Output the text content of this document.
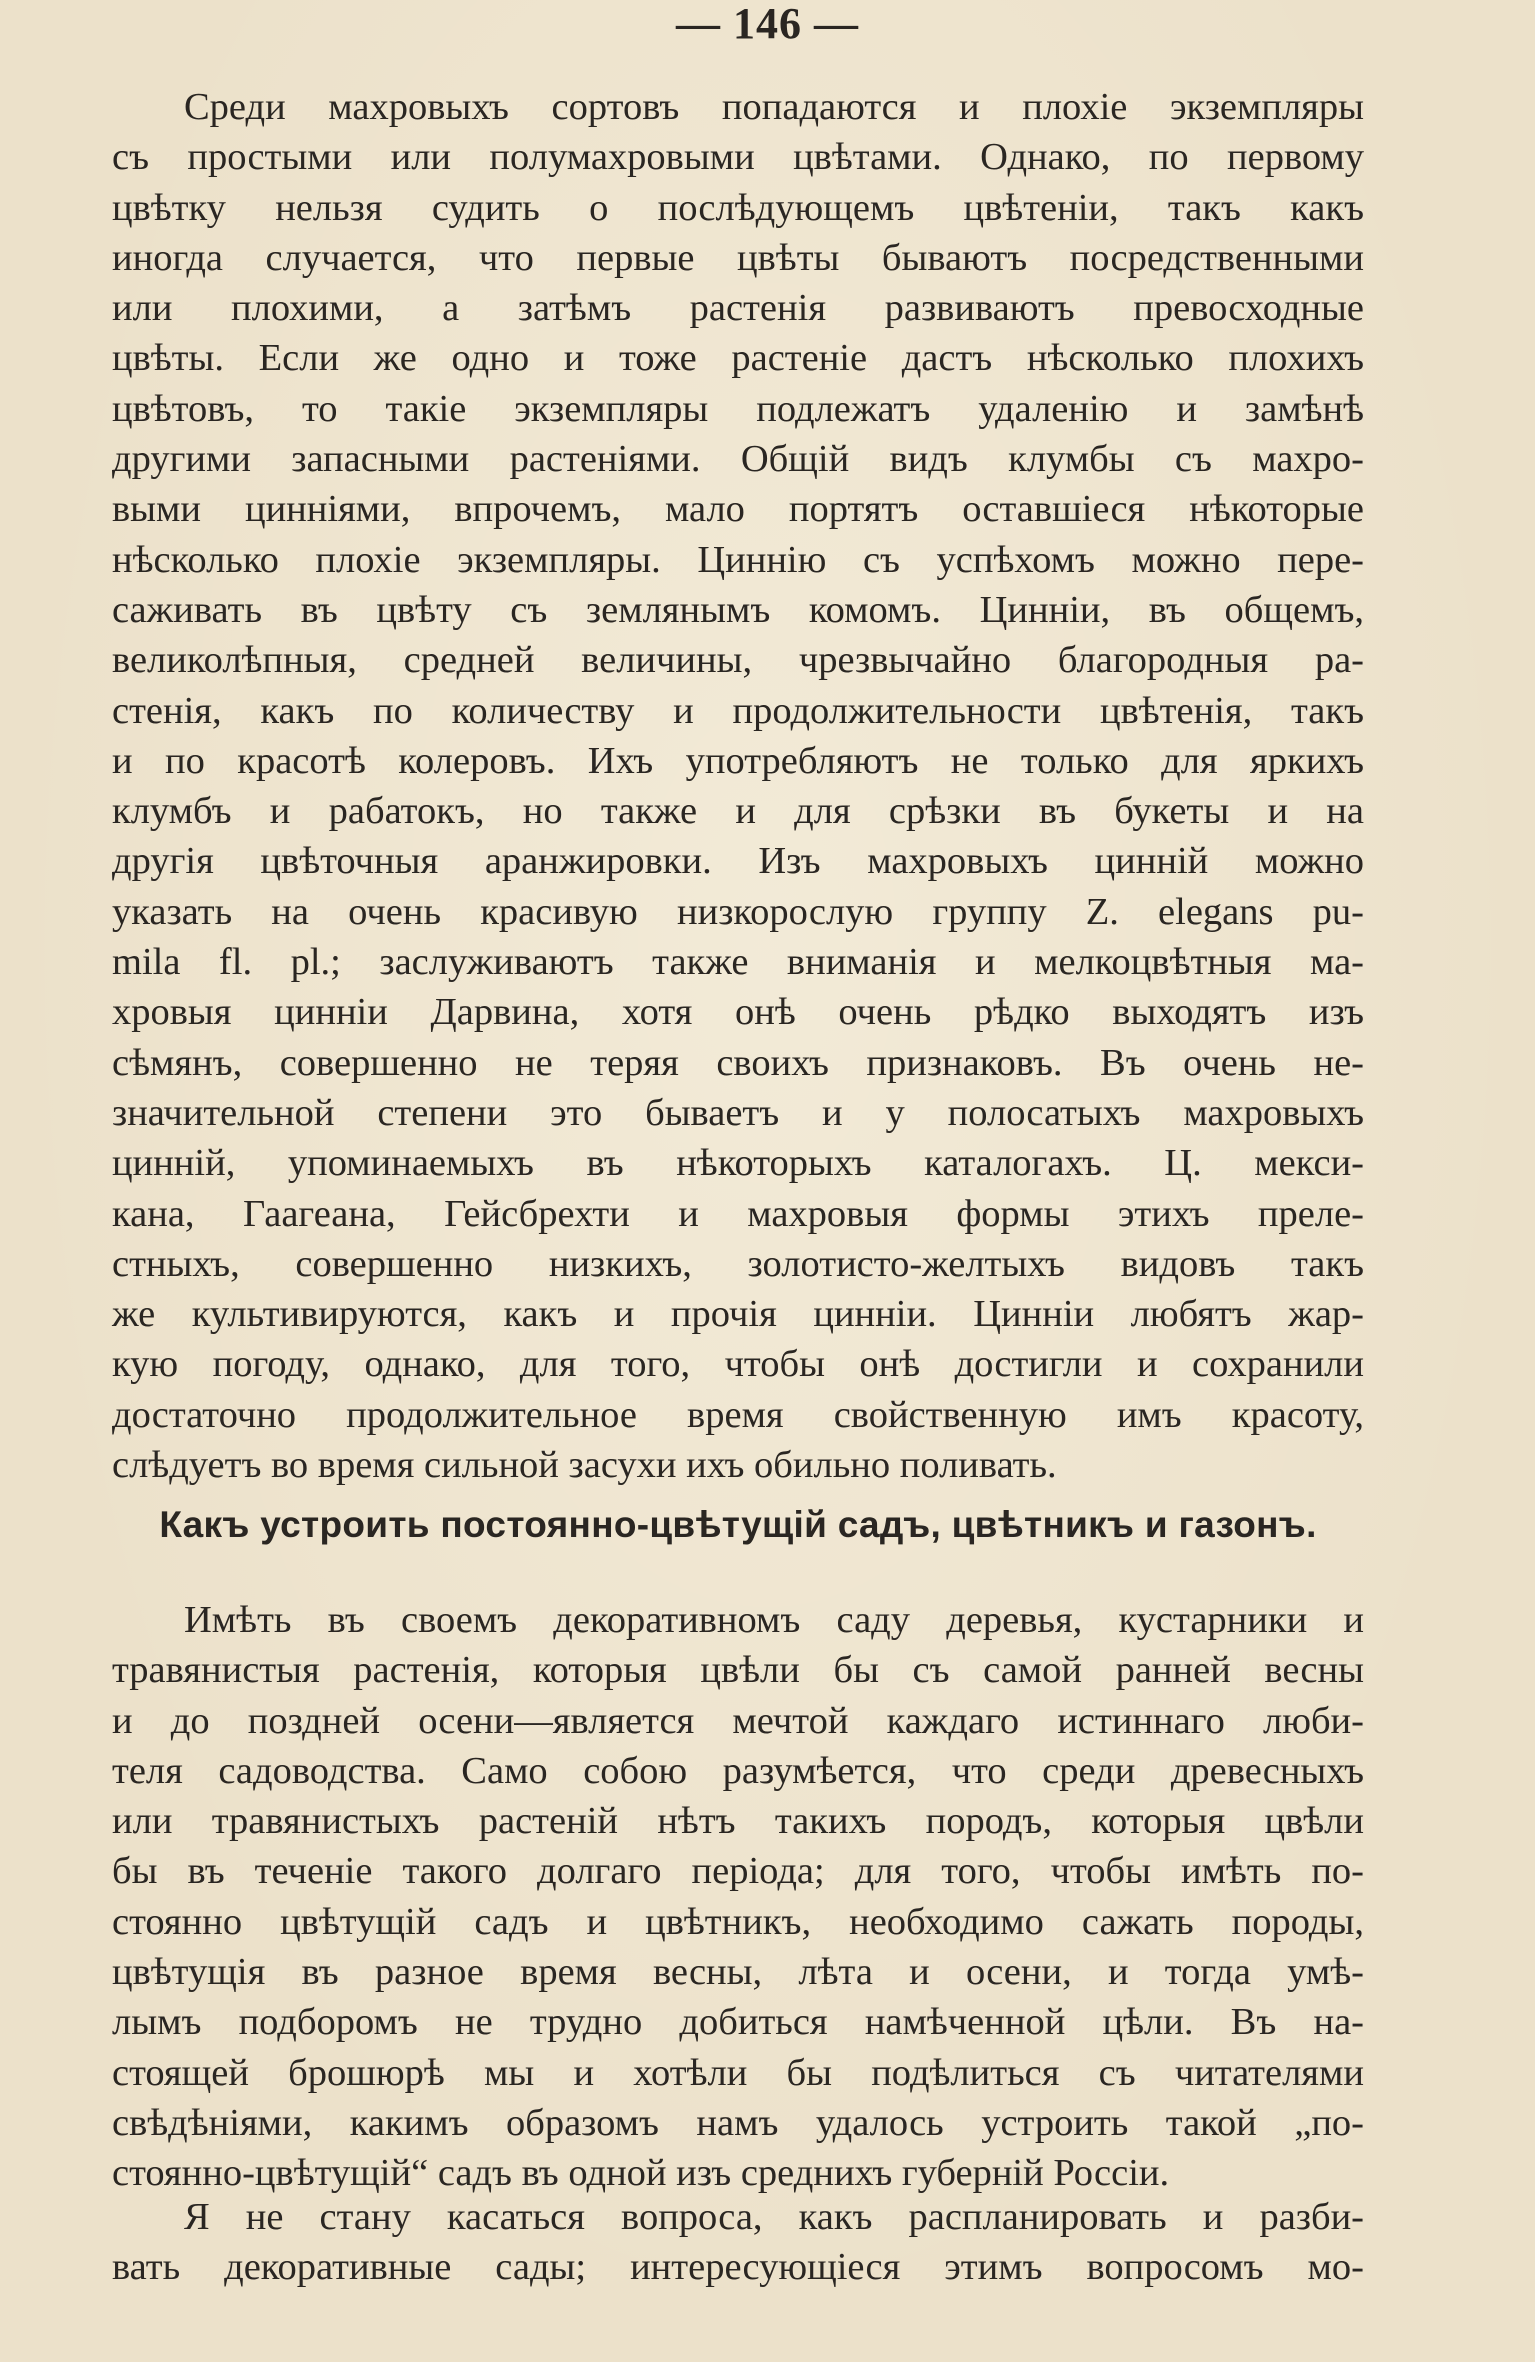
— 146 —
Среди махровыхъ сортовъ попадаются и плохіе экземпляры
съ простыми или полумахровыми цвѣтами. Однако, по первому
цвѣтку нельзя судить о послѣдующемъ цвѣтеніи, такъ какъ
иногда случается, что первые цвѣты бываютъ посредственными
или плохими, а затѣмъ растенія развиваютъ превосходные
цвѣты. Если же одно и тоже растеніе дастъ нѣсколько плохихъ
цвѣтовъ, то такіе экземпляры подлежатъ удаленію и замѣнѣ
другими запасными растеніями. Общій видъ клумбы съ махро-
выми цинніями, впрочемъ, мало портятъ оставшіеся нѣкоторые
нѣсколько плохіе экземпляры. Циннію съ успѣхомъ можно пере-
саживать въ цвѣту съ землянымъ комомъ. Цинніи, въ общемъ,
великолѣпныя, средней величины, чрезвычайно благородныя ра-
стенія, какъ по количеству и продолжительности цвѣтенія, такъ
и по красотѣ колеровъ. Ихъ употребляютъ не только для яркихъ
клумбъ и рабатокъ, но также и для срѣзки въ букеты и на
другія цвѣточныя аранжировки. Изъ махровыхъ цинній можно
указать на очень красивую низкорослую группу Z. elegans pu-
mila fl. pl.; заслуживаютъ также вниманія и мелкоцвѣтныя ма-
хровыя цинніи Дарвина, хотя онѣ очень рѣдко выходятъ изъ
сѣмянъ, совершенно не теряя своихъ признаковъ. Въ очень не-
значительной степени это бываетъ и у полосатыхъ махровыхъ
цинній, упоминаемыхъ въ нѣкоторыхъ каталогахъ. Ц. мекси-
кана, Гаагеана, Гейсбрехти и махровыя формы этихъ преле-
стныхъ, совершенно низкихъ, золотисто-желтыхъ видовъ такъ
же культивируются, какъ и прочія цинніи. Цинніи любятъ жар-
кую погоду, однако, для того, чтобы онѣ достигли и сохранили
достаточно продолжительное время свойственную имъ красоту,
слѣдуетъ во время сильной засухи ихъ обильно поливать.
Какъ устроить постоянно-цвѣтущій садъ, цвѣтникъ и газонъ.
Имѣть въ своемъ декоративномъ саду деревья, кустарники и
травянистыя растенія, которыя цвѣли бы съ самой ранней весны
и до поздней осени—является мечтой каждаго истиннаго люби-
теля садоводства. Само собою разумѣется, что среди древесныхъ
или травянистыхъ растеній нѣтъ такихъ породъ, которыя цвѣли
бы въ теченіе такого долгаго періода; для того, чтобы имѣть по-
стоянно цвѣтущій садъ и цвѣтникъ, необходимо сажать породы,
цвѣтущія въ разное время весны, лѣта и осени, и тогда умѣ-
лымъ подборомъ не трудно добиться намѣченной цѣли. Въ на-
стоящей брошюрѣ мы и хотѣли бы подѣлиться съ читателями
свѣдѣніями, какимъ образомъ намъ удалось устроить такой „по-
стоянно-цвѣтущій“ садъ въ одной изъ среднихъ губерній Россіи.
Я не стану касаться вопроса, какъ распланировать и разби-
вать декоративные сады; интересующіеся этимъ вопросомъ мо-
